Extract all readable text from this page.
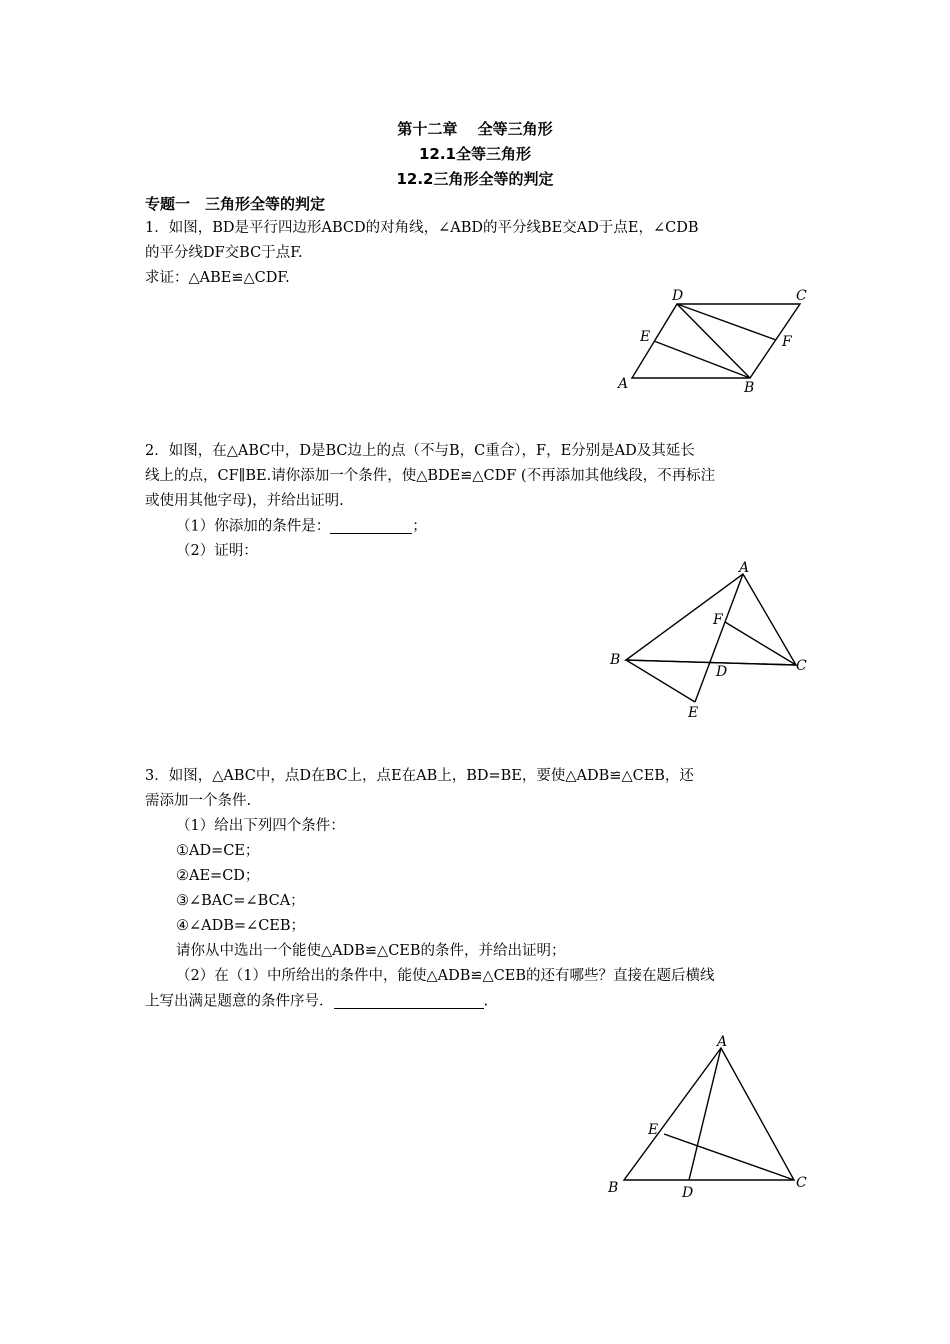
第十二章　 全等三角形
12.1全等三角形
12.2三角形全等的判定
专题一　三角形全等的判定
1．如图，BD是平行四边形ABCD的对角线，∠ABD的平分线BE交AD于点E，∠CDB
的平分线DF交BC于点F.
求证：△ABE≌△CDF.
A	B
C
D
E	F
2．如图，在△ABC中，D是BC边上的点（不与B，C重合），F，E分别是AD及其延长
线上的点，CF∥BE.请你添加一个条件，使△BDE≌△CDF (不再添加其他线段，不再标注
或使用其他字母)，并给出证明.
（1）你添加的条件是：	；
（2）证明：
A
B	C
D
E
F
3．如图，△ABC中，点D在BC上，点E在AB上，BD=BE，要使△ADB≌△CEB，还
需添加一个条件.
（1）给出下列四个条件：
①AD=CE；
②AE=CD；
③∠BAC=∠BCA；
④∠ADB=∠CEB；
请你从中选出一个能使△ADB≌△CEB的条件，并给出证明；
（2）在（1）中所给出的条件中，能使△ADB≌△CEB的还有哪些？直接在题后横线
上写出满足题意的条件序号．	.
A
B	C
D
E
